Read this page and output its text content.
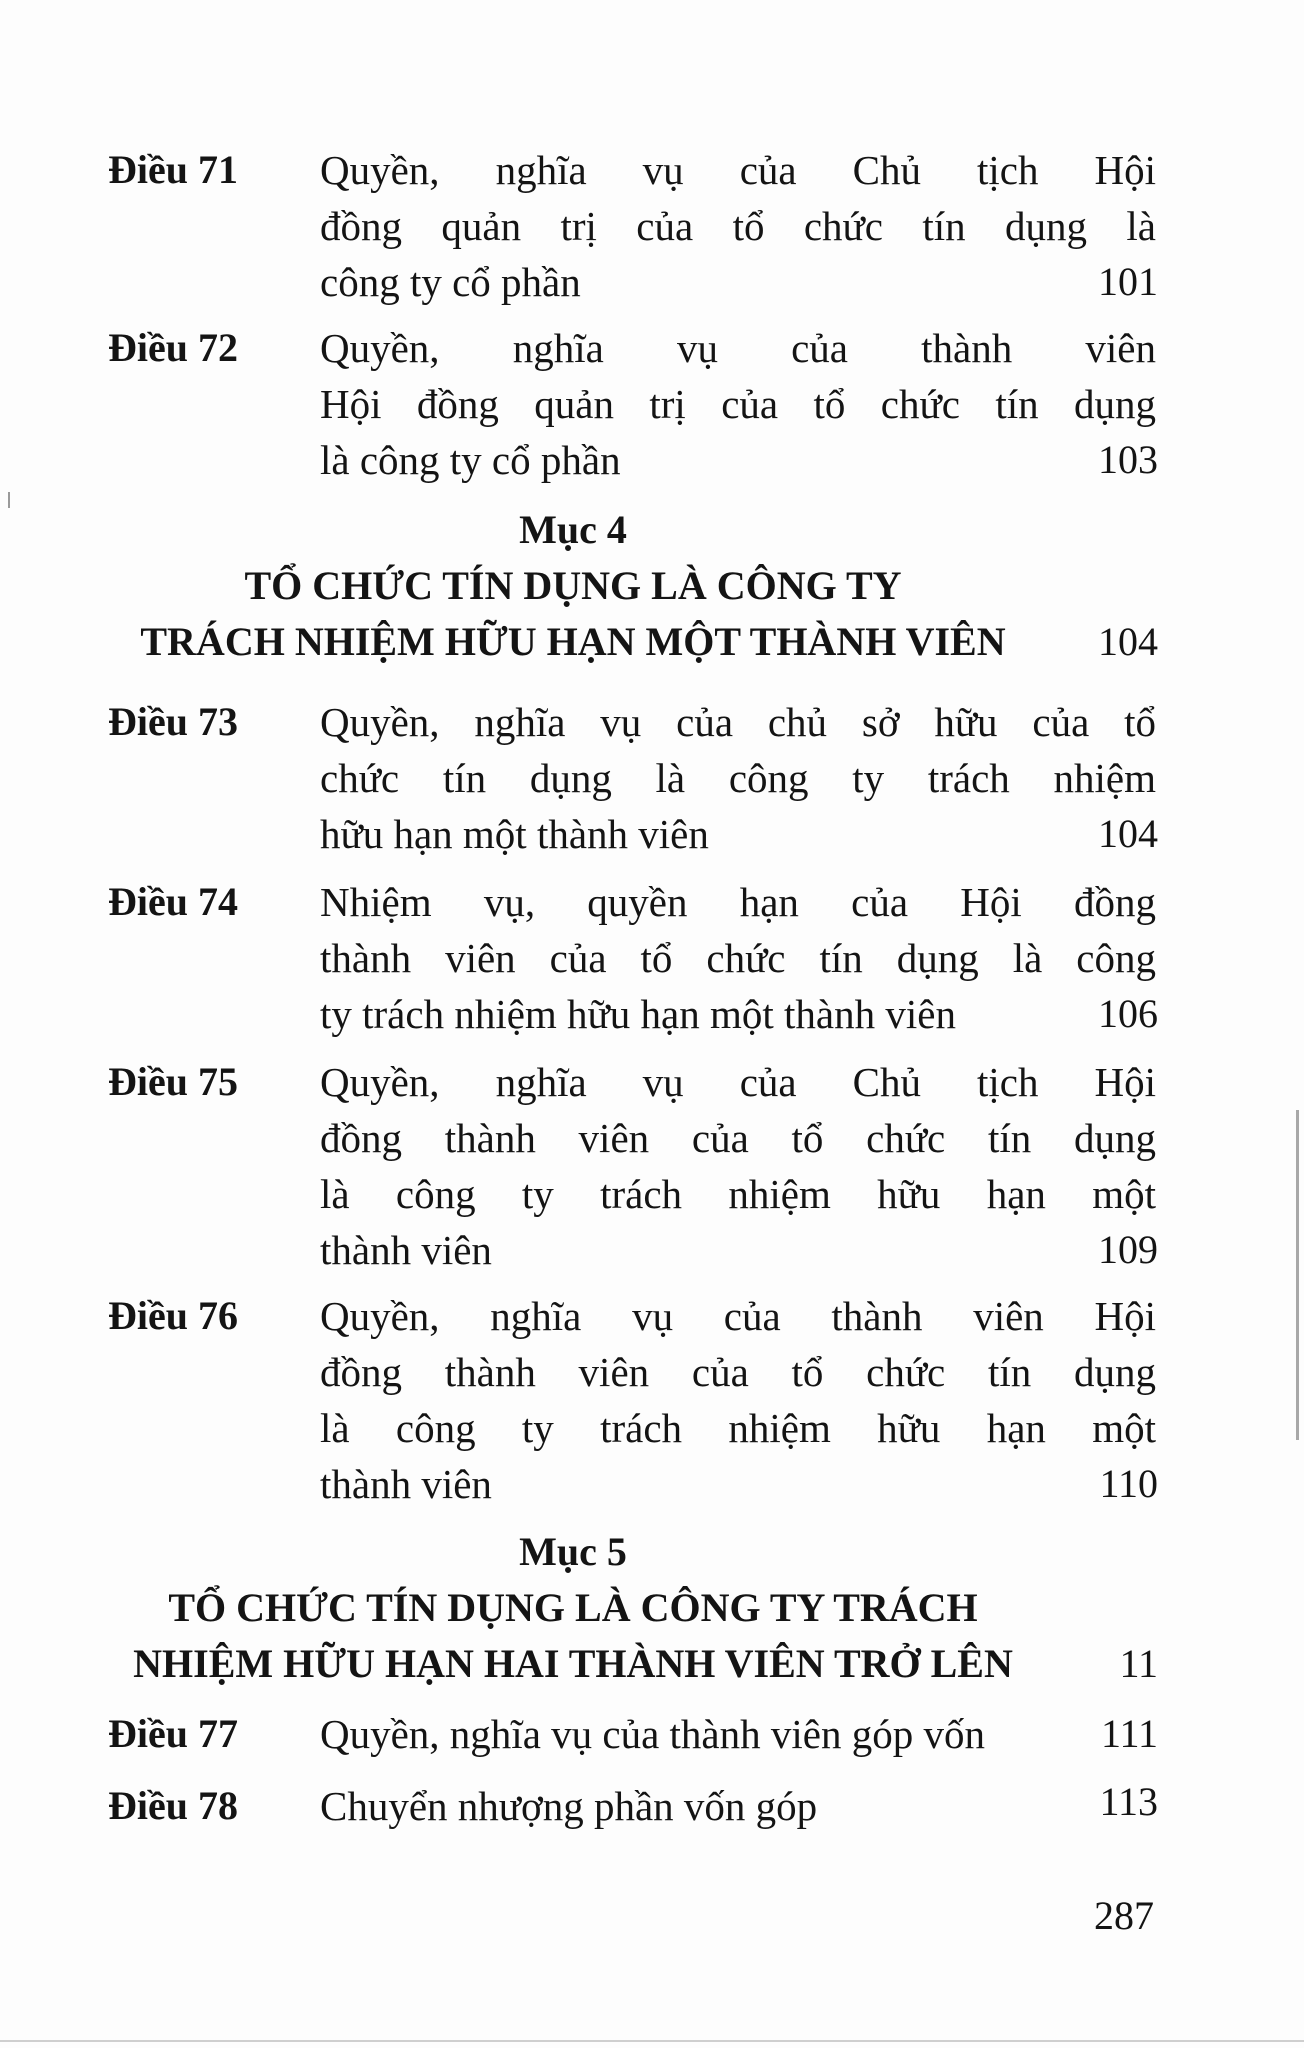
Điều 71 Quyền, nghĩa vụ của Chủ tịch Hội
đồng quản trị của tổ chức tín dụng là
công ty cổ phần	101
Điều 72 Quyền, nghĩa vụ của thành viên
Hội đồng quản trị của tổ chức tín dụng
là công ty cổ phần	103
Mục 4
TỔ CHỨC TÍN DỤNG LÀ CÔNG TY
TRÁCH NHIỆM HỮU HẠN MỘT THÀNH VIÊN	104
Điều 73 Quyền, nghĩa vụ của chủ sở hữu của tổ
chức tín dụng là công ty trách nhiệm
hữu hạn một thành viên	104
Điều 74 Nhiệm vụ, quyền hạn của Hội đồng
thành viên của tổ chức tín dụng là công
ty trách nhiệm hữu hạn một thành viên	106
Điều 75 Quyền, nghĩa vụ của Chủ tịch Hội
đồng thành viên của tổ chức tín dụng
là công ty trách nhiệm hữu hạn một
thành viên	109
Điều 76 Quyền, nghĩa vụ của thành viên Hội
đồng thành viên của tổ chức tín dụng
là công ty trách nhiệm hữu hạn một
thành viên	110
Mục 5
TỔ CHỨC TÍN DỤNG LÀ CÔNG TY TRÁCH
NHIỆM HỮU HẠN HAI THÀNH VIÊN TRỞ LÊN	11
Điều 77 Quyền, nghĩa vụ của thành viên góp vốn	111
Điều 78 Chuyển nhượng phần vốn góp	113
287
